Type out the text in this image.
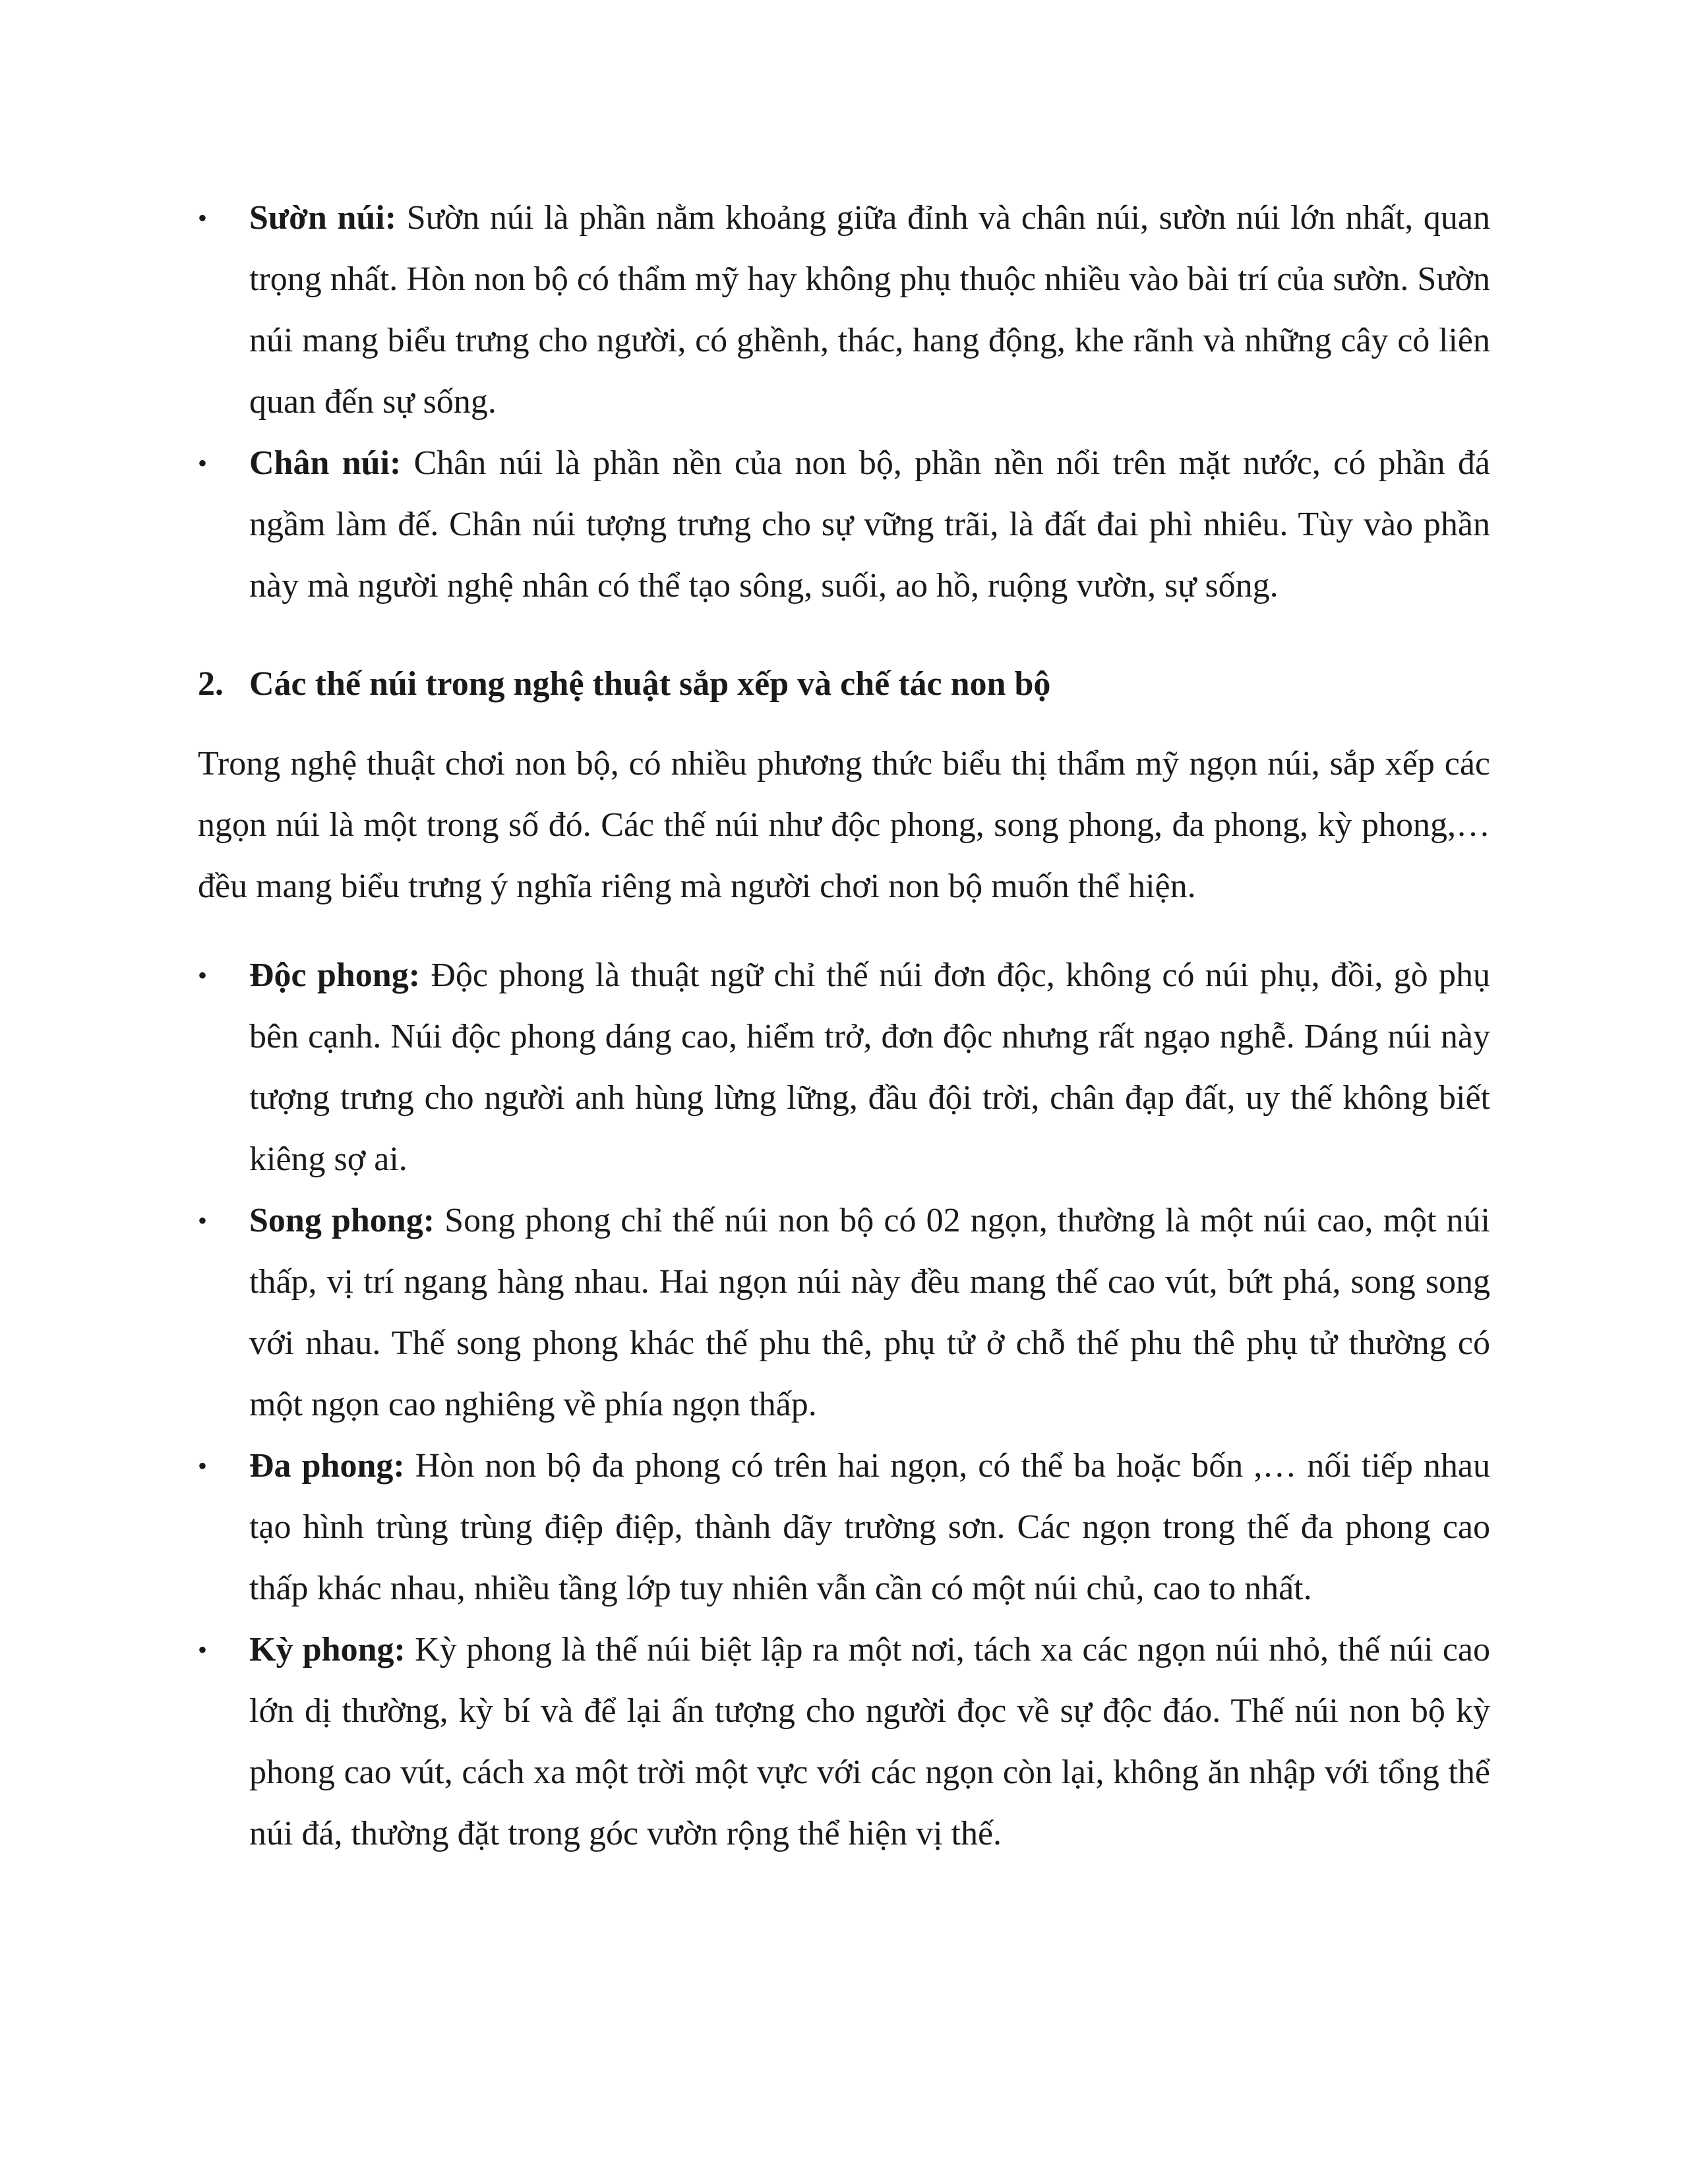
•	Sườn núi: Sườn núi là phần nằm khoảng giữa đỉnh và chân núi, sườn núi lớn nhất, quan trọng nhất. Hòn non bộ có thẩm mỹ hay không phụ thuộc nhiều vào bài trí của sườn. Sườn núi mang biểu trưng cho người, có ghềnh, thác, hang động, khe rãnh và những cây cỏ liên quan đến sự sống.
•	Chân núi: Chân núi là phần nền của non bộ, phần nền nổi trên mặt nước, có phần đá ngầm làm đế. Chân núi tượng trưng cho sự vững trãi, là đất đai phì nhiêu. Tùy vào phần này mà người nghệ nhân có thể tạo sông, suối, ao hồ, ruộng vườn, sự sống.
2. Các thế núi trong nghệ thuật sắp xếp và chế tác non bộ

Trong nghệ thuật chơi non bộ, có nhiều phương thức biểu thị thẩm mỹ ngọn núi, sắp xếp các ngọn núi là một trong số đó. Các thế núi như độc phong, song phong, đa phong, kỳ phong,… đều mang biểu trưng ý nghĩa riêng mà người chơi non bộ muốn thể hiện.

•	Độc phong: Độc phong là thuật ngữ chỉ thế núi đơn độc, không có núi phụ, đồi, gò phụ bên cạnh. Núi độc phong dáng cao, hiểm trở, đơn độc nhưng rất ngạo nghễ. Dáng núi này tượng trưng cho người anh hùng lừng lững, đầu đội trời, chân đạp đất, uy thế không biết kiêng sợ ai.
•	Song phong: Song phong chỉ thế núi non bộ có 02 ngọn, thường là một núi cao, một núi thấp, vị trí ngang hàng nhau. Hai ngọn núi này đều mang thế cao vút, bứt phá, song song với nhau. Thế song phong khác thế phu thê, phụ tử ở chỗ thế phu thê phụ tử thường có một ngọn cao nghiêng về phía ngọn thấp.
•	Đa phong: Hòn non bộ đa phong có trên hai ngọn, có thể ba hoặc bốn ,… nối tiếp nhau tạo hình trùng trùng điệp điệp, thành dãy trường sơn. Các ngọn trong thế đa phong cao thấp khác nhau, nhiều tầng lớp tuy nhiên vẫn cần có một núi chủ, cao to nhất.
•	Kỳ phong: Kỳ phong là thế núi biệt lập ra một nơi, tách xa các ngọn núi nhỏ, thế núi cao lớn dị thường, kỳ bí và để lại ấn tượng cho người đọc về sự độc đáo. Thế núi non bộ kỳ phong cao vút, cách xa một trời một vực với các ngọn còn lại, không ăn nhập với tổng thể núi đá, thường đặt trong góc vườn rộng thể hiện vị thế.
